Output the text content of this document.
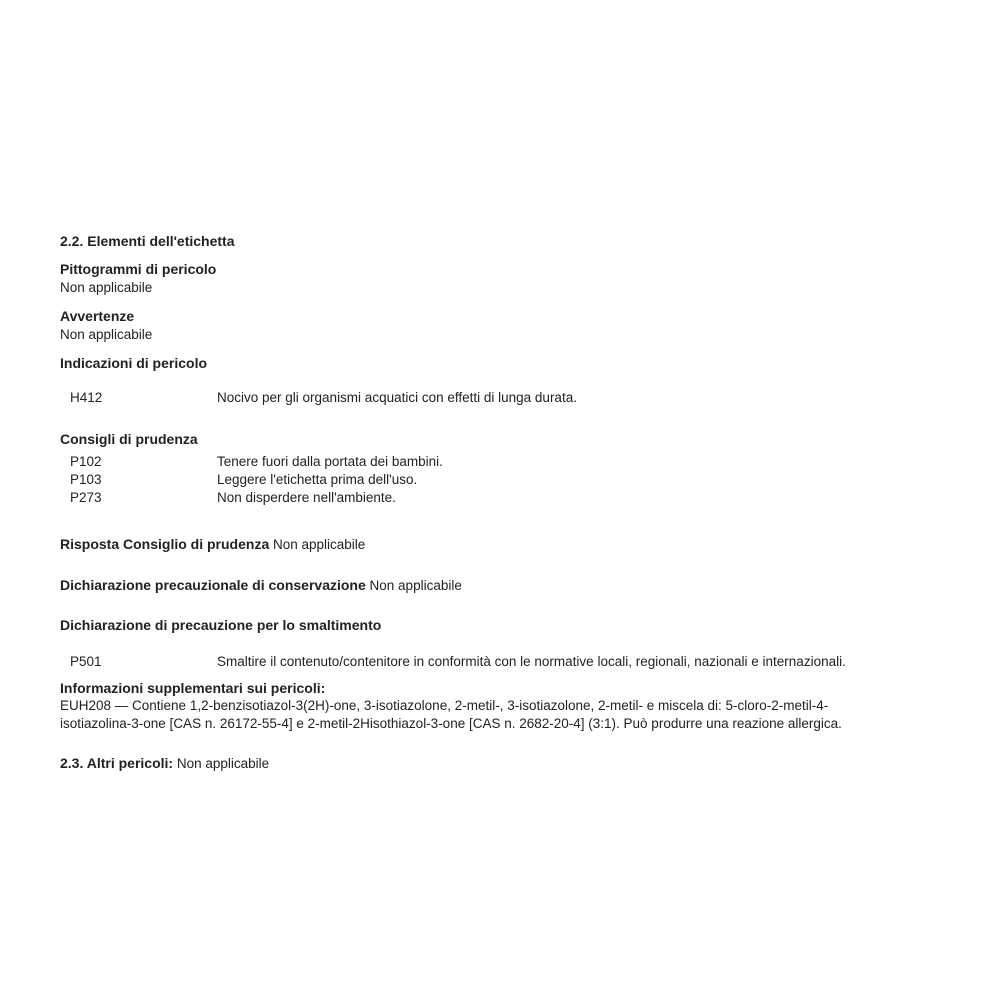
2.2. Elementi dell'etichetta
Pittogrammi di pericolo
Non applicabile
Avvertenze
Non applicabile
Indicazioni di pericolo
H412	Nocivo per gli organismi acquatici con effetti di lunga durata.
Consigli di prudenza
P102	Tenere fuori dalla portata dei bambini.
P103	Leggere l'etichetta prima dell'uso.
P273	Non disperdere nell'ambiente.
Risposta Consiglio di prudenza Non applicabile
Dichiarazione precauzionale di conservazione Non applicabile
Dichiarazione di precauzione per lo smaltimento
P501	Smaltire il contenuto/contenitore in conformità con le normative locali, regionali, nazionali e internazionali.
Informazioni supplementari sui pericoli:
EUH208 — Contiene 1,2-benzisotiazol-3(2H)-one, 3-isotiazolone, 2-metil-, 3-isotiazolone, 2-metil- e miscela di: 5-cloro-2-metil-4-
isotiazolina-3-one [CAS n. 26172-55-4] e 2-metil-2Hisothiazol-3-one [CAS n. 2682-20-4] (3:1). Può produrre una reazione allergica.
2.3. Altri pericoli: Non applicabile
